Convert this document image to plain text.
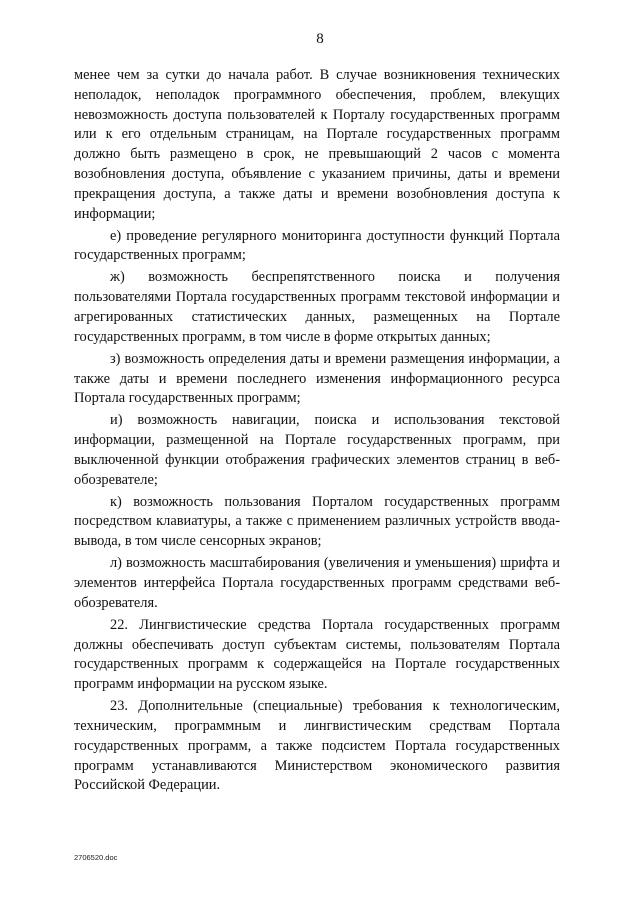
8

менее чем за сутки до начала работ. В случае возникновения технических неполадок, неполадок программного обеспечения, проблем, влекущих невозможность доступа пользователей к Порталу государственных программ или к его отдельным страницам, на Портале государственных программ должно быть размещено в срок, не превышающий 2 часов с момента возобновления доступа, объявление с указанием причины, даты и времени прекращения доступа, а также даты и времени возобновления доступа к информации;

е) проведение регулярного мониторинга доступности функций Портала государственных программ;

ж) возможность беспрепятственного поиска и получения пользователями Портала государственных программ текстовой информации и агрегированных статистических данных, размещенных на Портале государственных программ, в том числе в форме открытых данных;

з) возможность определения даты и времени размещения информации, а также даты и времени последнего изменения информационного ресурса Портала государственных программ;

и) возможность навигации, поиска и использования текстовой информации, размещенной на Портале государственных программ, при выключенной функции отображения графических элементов страниц в веб-обозревателе;

к) возможность пользования Порталом государственных программ посредством клавиатуры, а также с применением различных устройств ввода-вывода, в том числе сенсорных экранов;

л) возможность масштабирования (увеличения и уменьшения) шрифта и элементов интерфейса Портала государственных программ средствами веб-обозревателя.

22. Лингвистические средства Портала государственных программ должны обеспечивать доступ субъектам системы, пользователям Портала государственных программ к содержащейся на Портале государственных программ информации на русском языке.

23. Дополнительные (специальные) требования к технологическим, техническим, программным и лингвистическим средствам Портала государственных программ, а также подсистем Портала государственных программ устанавливаются Министерством экономического развития Российской Федерации.

2706520.doc
